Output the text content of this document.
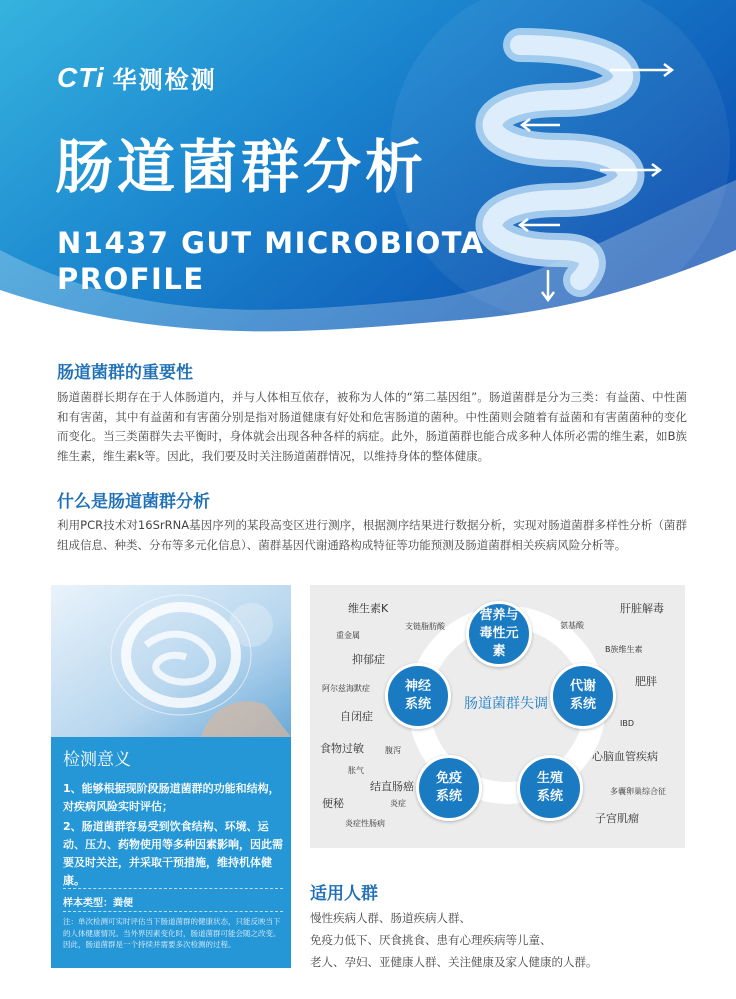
CTi 华测检测
肠道菌群分析
N1437 GUT MICROBIOTA
PROFILE
肠道菌群的重要性
肠道菌群长期存在于人体肠道内，并与人体相互依存，被称为人体的“第二基因组”。肠道菌群是分为三类：有益菌、中性菌和有害菌，其中有益菌和有害菌分别是指对肠道健康有好处和危害肠道的菌种。中性菌则会随着有益菌和有害菌菌种的变化而变化。当三类菌群失去平衡时，身体就会出现各种各样的病症。此外，肠道菌群也能合成多种人体所必需的维生素，如B族维生素，维生素k等。因此，我们要及时关注肠道菌群情况，以维持身体的整体健康。
什么是肠道菌群分析
利用PCR技术对16SrRNA基因序列的某段高变区进行测序，根据测序结果进行数据分析，实现对肠道菌群多样性分析（菌群组成信息、种类、分布等多元化信息）、菌群基因代谢通路构成特征等功能预测及肠道菌群相关疾病风险分析等。
检测意义
1、能够根据现阶段肠道菌群的功能和结构，对疾病风险实时评估；
2、肠道菌群容易受到饮食结构、环境、运动、压力、药物使用等多种因素影响，因此需要及时关注，并采取干预措施，维持机体健康。
样本类型：粪便
注：单次检测可实时评估当下肠道菌群的健康状态，只能反映当下的人体健康情况。当外界因素变化时，肠道菌群可能会随之改变。因此，肠道菌群是一个持续并需要多次检测的过程。
肠道菌群失调
营养与毒性元素
代谢系统
生殖系统
免疫系统
神经系统
维生素K
支链脂肪酸	氨基酸
肝脏解毒
重金属
抑郁症
B族维生素
肥胖
阿尔兹海默症
自闭症
IBD
食物过敏	腹泻	心脑血管疾病
胀气
结直肠癌	多囊卵巢综合征
便秘	炎症
子宫肌瘤
炎症性肠病
适用人群
慢性疾病人群、肠道疾病人群、
免疫力低下、厌食挑食、患有心理疾病等儿童、
老人、孕妇、亚健康人群、关注健康及家人健康的人群。
